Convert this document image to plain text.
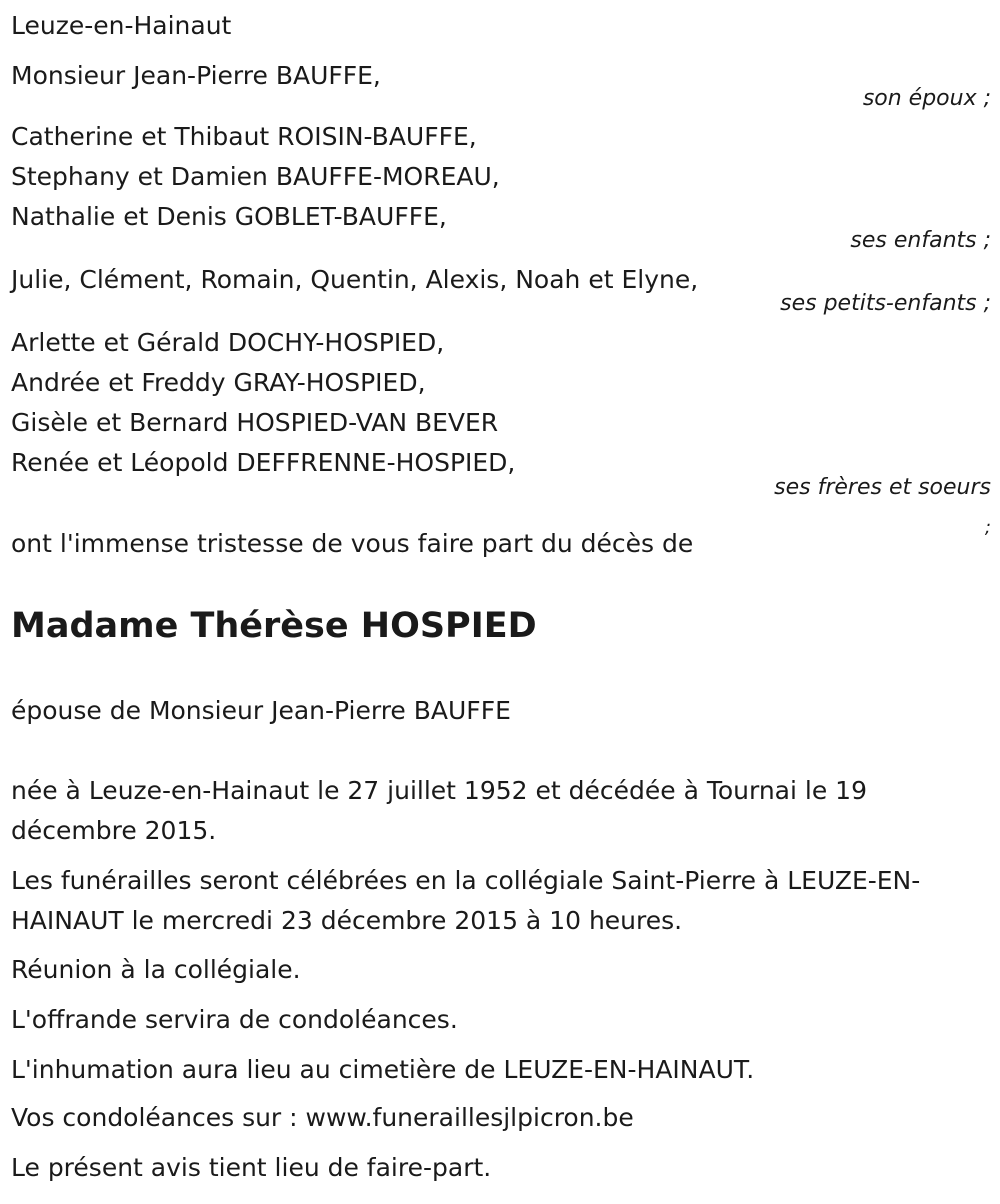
Leuze-en-Hainaut
Monsieur Jean-Pierre BAUFFE,
son époux ;
Catherine et Thibaut ROISIN-BAUFFE,
Stephany et Damien BAUFFE-MOREAU,
Nathalie et Denis GOBLET-BAUFFE,
ses enfants ;
Julie, Clément, Romain, Quentin, Alexis, Noah et Elyne,
ses petits-enfants ;
Arlette et Gérald DOCHY-HOSPIED,
Andrée et Freddy GRAY-HOSPIED,
Gisèle et Bernard HOSPIED-VAN BEVER
Renée et Léopold DEFFRENNE-HOSPIED,
ses frères et soeurs
;
ont l'immense tristesse de vous faire part du décès de
Madame Thérèse HOSPIED
épouse de Monsieur Jean-Pierre BAUFFE
née à Leuze-en-Hainaut le 27 juillet 1952 et décédée à Tournai le 19 décembre 2015.
Les funérailles seront célébrées en la collégiale Saint-Pierre à LEUZE-EN-HAINAUT le mercredi 23 décembre 2015 à 10 heures.
Réunion à la collégiale.
L'offrande servira de condoléances.
L'inhumation aura lieu au cimetière de LEUZE-EN-HAINAUT.
Vos condoléances sur : www.funeraillesjlpicron.be
Le présent avis tient lieu de faire-part.
